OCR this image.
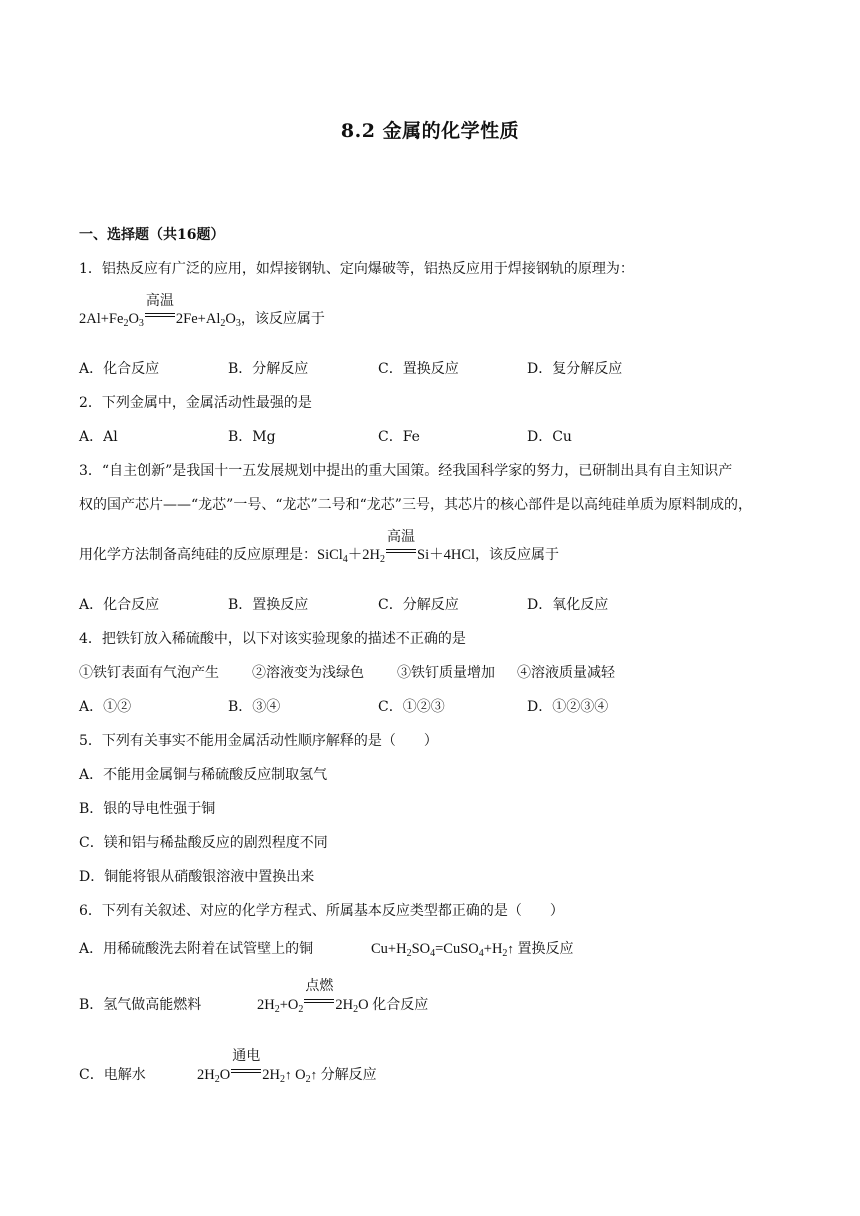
8.2 金属的化学性质
一、选择题（共16题）
1．铝热反应有广泛的应用，如焊接钢轨、定向爆破等，铝热反应用于焊接钢轨的原理为：
$2Al+Fe_2O_3$
高温
$2Fe+Al_2O_3$，该反应属于
A．化合反应	B．分解反应	C．置换反应	D．复分解反应
2．下列金属中，金属活动性最强的是
A．Al	B．Mg	C．Fe	D．Cu
3．“自主创新”是我国十一五发展规划中提出的重大国策。经我国科学家的努力，已研制出具有自主知识产
权的国产芯片——“龙芯”一号、“龙芯”二号和“龙芯”三号，其芯片的核心部件是以高纯硅单质为原料制成的，
用化学方法制备高纯硅的反应原理是：$SiCl_4+2H_2$
高温
Si＋4HCl，该反应属于
A．化合反应	B．置换反应	C．分解反应	D．氧化反应
4．把铁钉放入稀硫酸中，以下对该实验现象的描述不正确的是
①铁钉表面有气泡产生 ②溶液变为浅绿色 ③铁钉质量增加 ④溶液质量减轻
A．①②	B．③④	C．①②③	D．①②③④
5．下列有关事实不能用金属活动性顺序解释的是（　　）
A．不能用金属铜与稀硫酸反应制取氢气
B．银的导电性强于铜
C．镁和铝与稀盐酸反应的剧烈程度不同
D．铜能将银从硝酸银溶液中置换出来
6．下列有关叙述、对应的化学方程式、所属基本反应类型都正确的是（　　）
A．用稀硫酸洗去附着在试管壁上的铜	$Cu+H_2SO_4=CuSO_4+H_2↑$ 置换反应
B．氢气做高能燃料	$2H_2+O_2$
点燃
$2H_2O$ 化合反应
C．电解水	$2H_2O$
通电
$2H_2↑$ $O_2↑$ 分解反应
